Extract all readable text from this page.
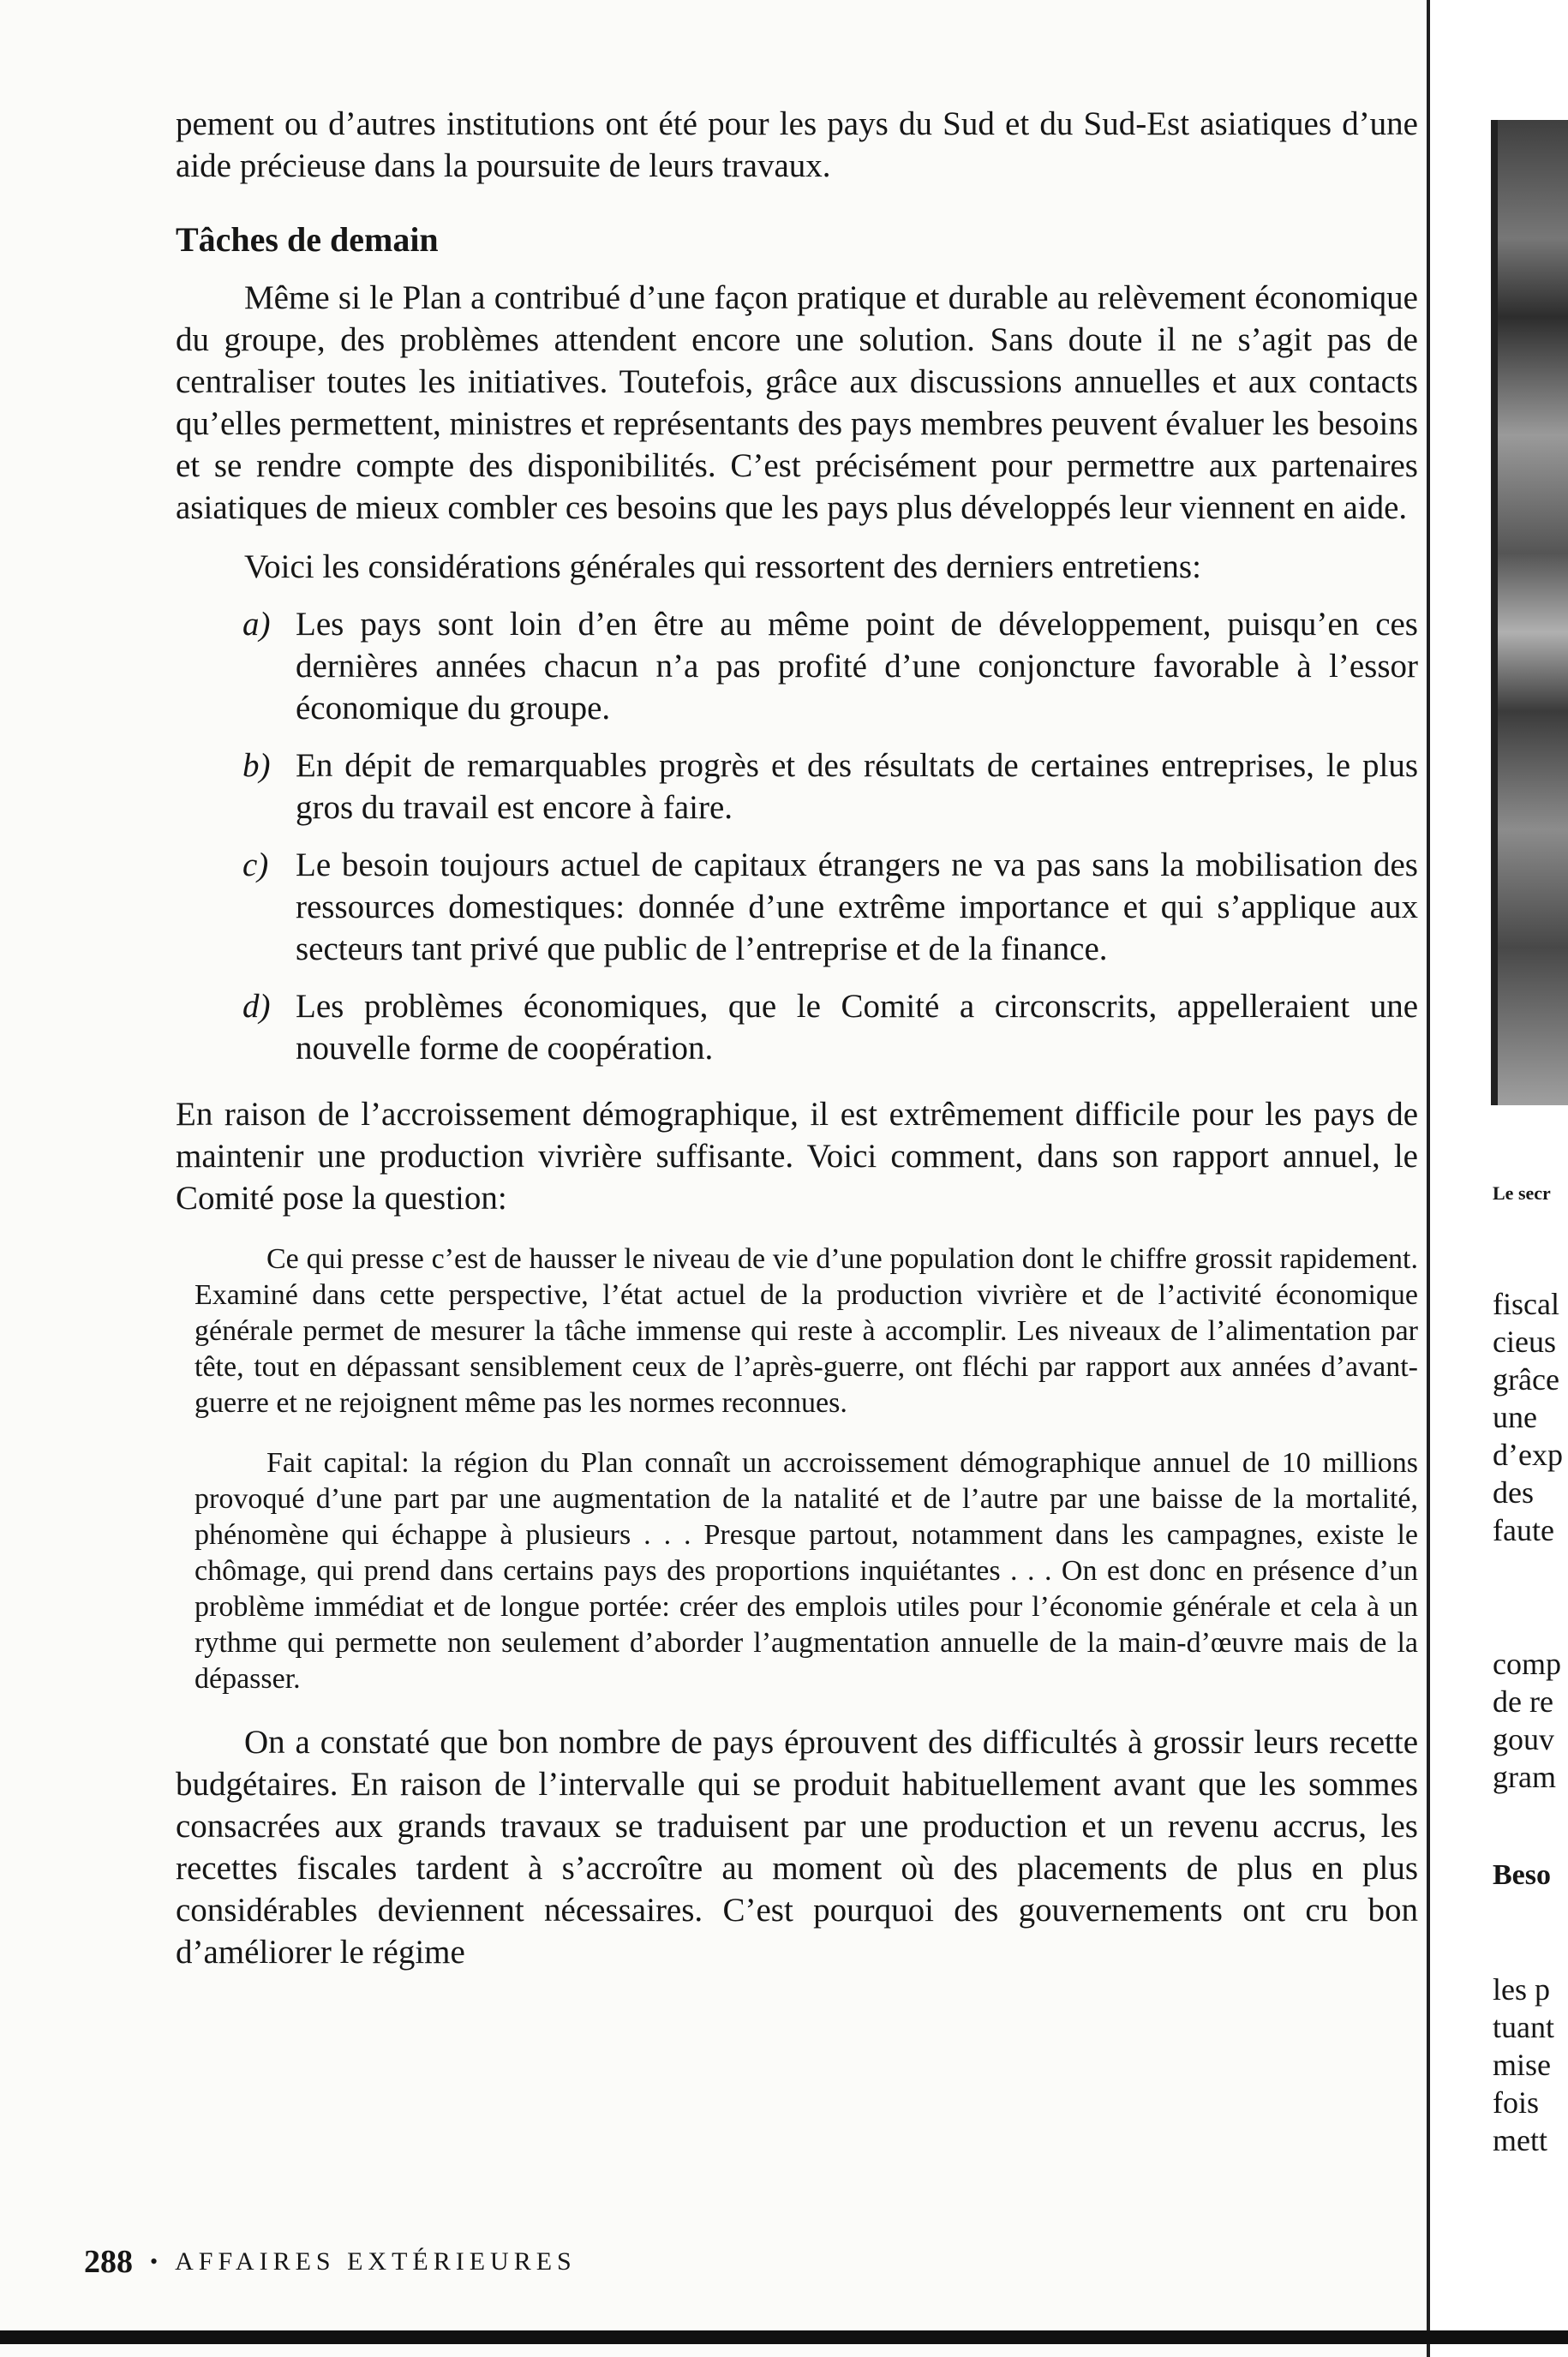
pement ou d’autres institutions ont été pour les pays du Sud et du Sud-Est asiatiques d’une aide précieuse dans la poursuite de leurs travaux.

Tâches de demain

Même si le Plan a contribué d’une façon pratique et durable au relèvement économique du groupe, des problèmes attendent encore une solution. Sans doute il ne s’agit pas de centraliser toutes les initiatives. Toutefois, grâce aux discussions annuelles et aux contacts qu’elles permettent, ministres et représentants des pays membres peuvent évaluer les besoins et se rendre compte des disponibilités. C’est précisément pour permettre aux partenaires asiatiques de mieux combler ces besoins que les pays plus développés leur viennent en aide.

Voici les considérations générales qui ressortent des derniers entretiens:

a) Les pays sont loin d’en être au même point de développement, puisqu’en ces dernières années chacun n’a pas profité d’une conjoncture favorable à l’essor économique du groupe.
b) En dépit de remarquables progrès et des résultats de certaines entreprises, le plus gros du travail est encore à faire.
c) Le besoin toujours actuel de capitaux étrangers ne va pas sans la mobilisation des ressources domestiques: donnée d’une extrême importance et qui s’applique aux secteurs tant privé que public de l’entreprise et de la finance.
d) Les problèmes économiques, que le Comité a circonscrits, appelleraient une nouvelle forme de coopération.

En raison de l’accroissement démographique, il est extrêmement difficile pour les pays de maintenir une production vivrière suffisante. Voici comment, dans son rapport annuel, le Comité pose la question:

Ce qui presse c’est de hausser le niveau de vie d’une population dont le chiffre grossit rapidement. Examiné dans cette perspective, l’état actuel de la production vivrière et de l’activité économique générale permet de mesurer la tâche immense qui reste à accomplir. Les niveaux de l’alimentation par tête, tout en dépassant sensiblement ceux de l’après-guerre, ont fléchi par rapport aux années d’avant-guerre et ne rejoignent même pas les normes reconnues.

Fait capital: la région du Plan connaît un accroissement démographique annuel de 10 millions provoqué d’une part par une augmentation de la natalité et de l’autre par une baisse de la mortalité, phénomène qui échappe à plusieurs . . . Presque partout, notamment dans les campagnes, existe le chômage, qui prend dans certains pays des proportions inquiétantes . . . On est donc en présence d’un problème immédiat et de longue portée: créer des emplois utiles pour l’économie générale et cela à un rythme qui permette non seulement d’aborder l’augmentation annuelle de la main-d’œuvre mais de la dépasser.

On a constaté que bon nombre de pays éprouvent des difficultés à grossir leurs recette budgétaires. En raison de l’intervalle qui se produit habituellement avant que les sommes consacrées aux grands travaux se traduisent par une production et un revenu accrus, les recettes fiscales tardent à s’accroître au moment où des placements de plus en plus considérables deviennent nécessaires. C’est pourquoi des gouvernements ont cru bon d’améliorer le régime

288 • AFFAIRES EXTÉRIEURES
Le secr
fiscal
cieus
grâce
une
d’exp
des
faute
comp
de re
gouv
gram
Beso
les p
tuant
mise
fois
mett
